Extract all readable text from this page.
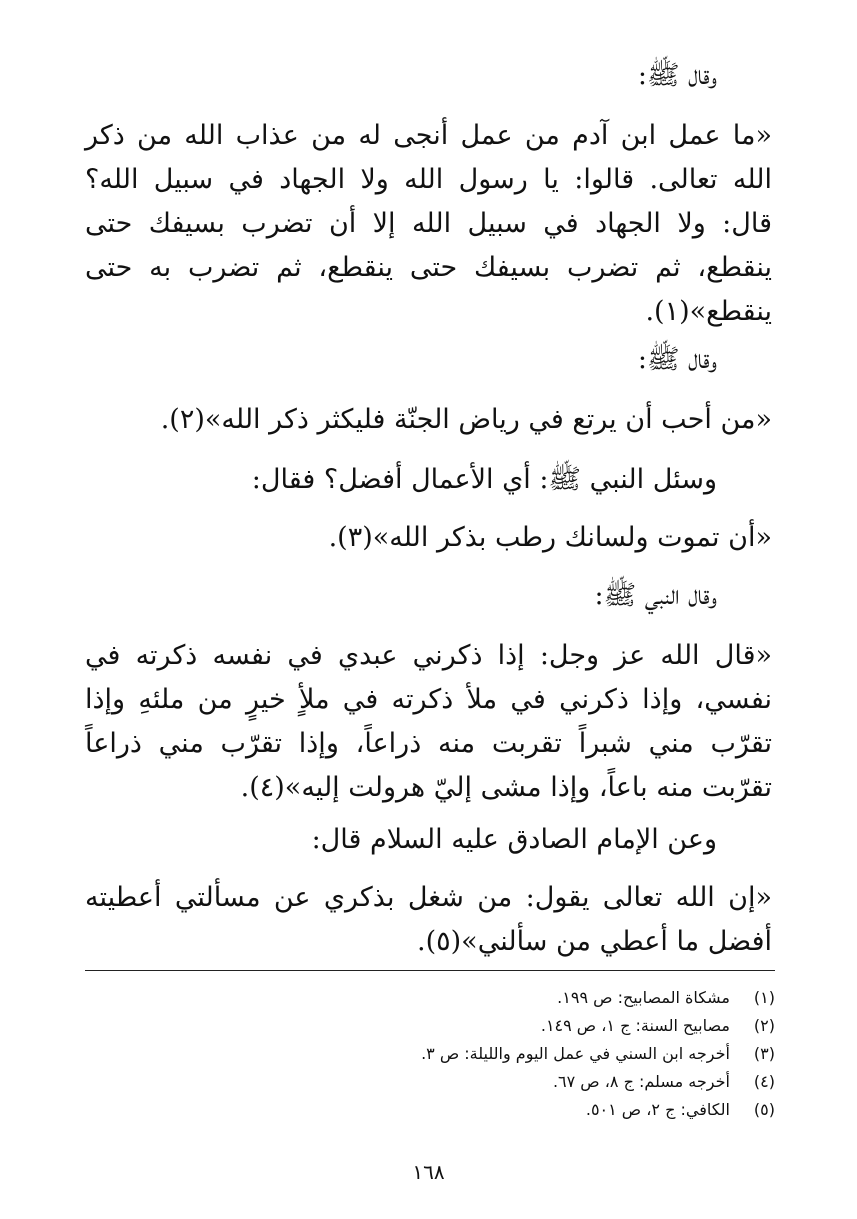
وقال ﷺ:
«ما عمل ابن آدم من عمل أنجى له من عذاب الله من ذكر
الله تعالى. قالوا: يا رسول الله ولا الجهاد في سبيل الله؟
قال: ولا الجهاد في سبيل الله إلا أن تضرب بسيفك حتى
ينقطع، ثم تضرب بسيفك حتى ينقطع، ثم تضرب به حتى
ينقطع»(١).
وقال ﷺ:
«من أحب أن يرتع في رياض الجنّة فليكثر ذكر الله»(٢).
وسئل النبي ﷺ: أي الأعمال أفضل؟ فقال:
«أن تموت ولسانك رطب بذكر الله»(٣).
وقال النبي ﷺ:
«قال الله عز وجل: إذا ذكرني عبدي في نفسه ذكرته في
نفسي، وإذا ذكرني في ملأ ذكرته في ملأٍ خيرٍ من ملئهِ وإذا
تقرّب مني شبراً تقربت منه ذراعاً، وإذا تقرّب مني ذراعاً
تقرّبت منه باعاً، وإذا مشى إليّ هرولت إليه»(٤).
وعن الإمام الصادق عليه السلام قال:
«إن الله تعالى يقول: من شغل بذكري عن مسألتي أعطيته
أفضل ما أعطي من سألني»(٥).
(١) مشكاة المصابيح: ص ١٩٩.
(٢) مصابيح السنة: ج ١، ص ١٤٩.
(٣) أخرجه ابن السني في عمل اليوم والليلة: ص ٣.
(٤) أخرجه مسلم: ج ٨، ص ٦٧.
(٥) الكافي: ج ٢، ص ٥٠١.
١٦٨
